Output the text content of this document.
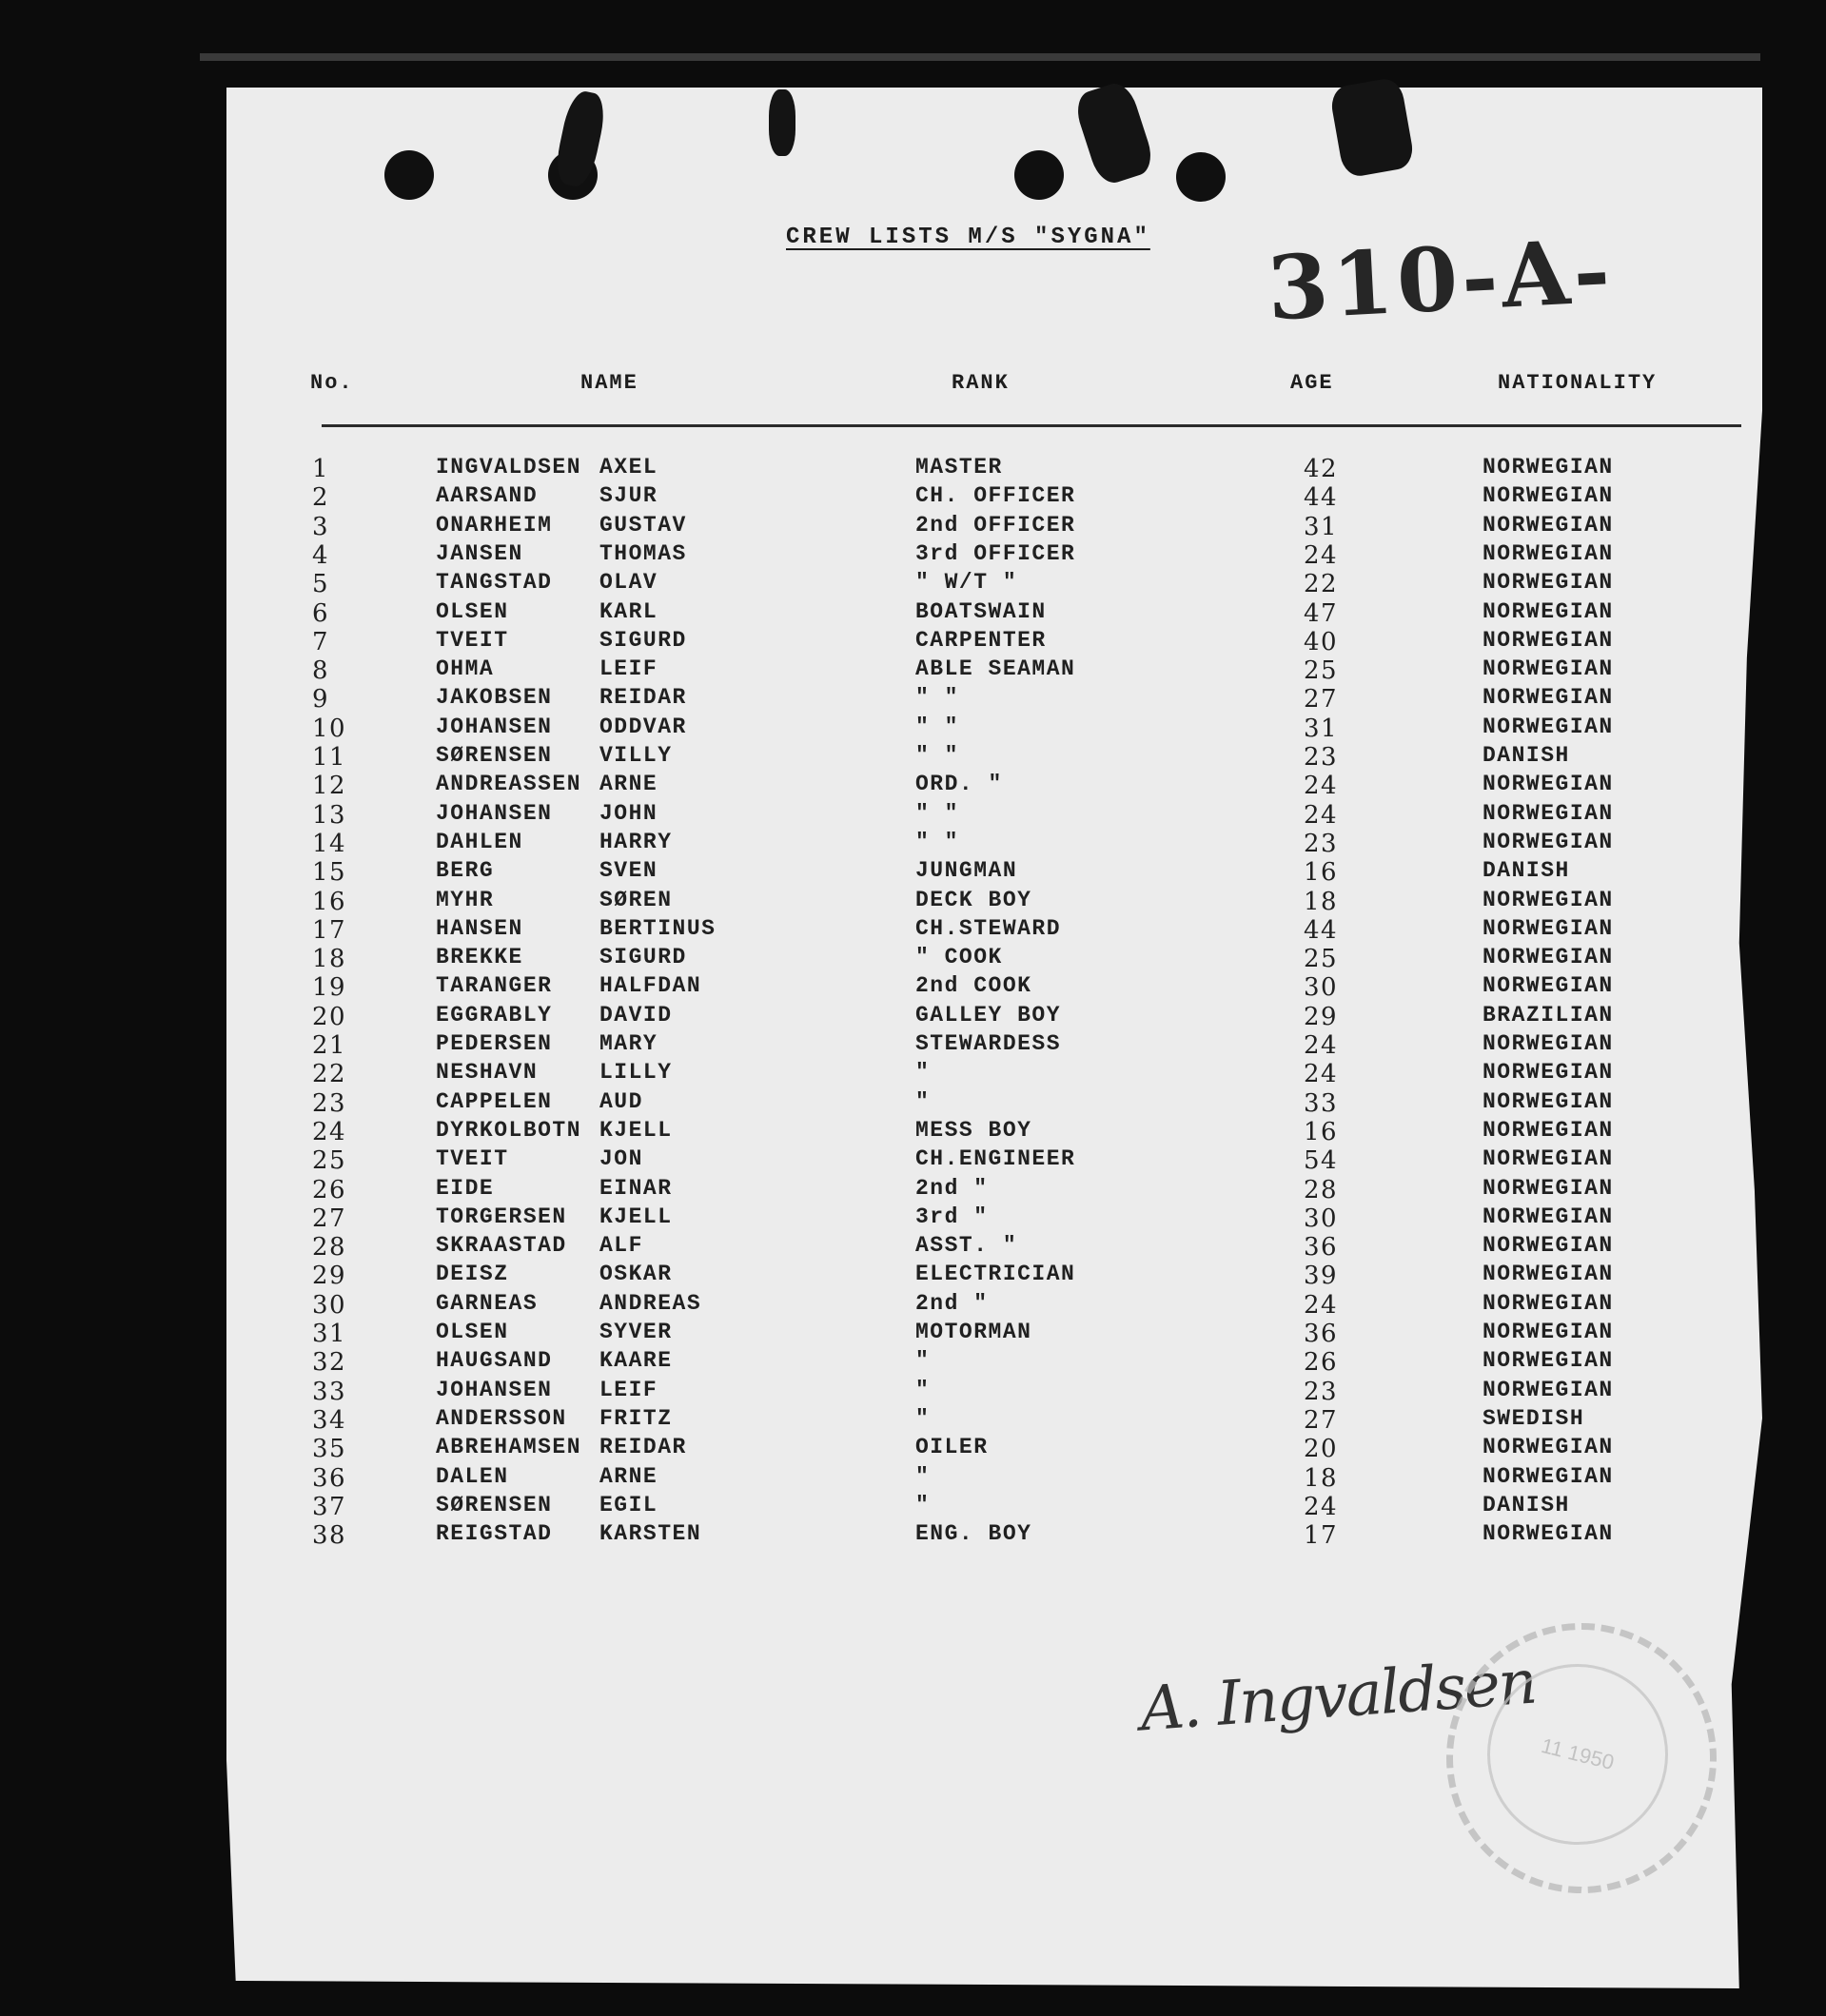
CREW LISTS M/S "SYGNA" 310-A-
No.	NAME	RANK	AGE	NATIONALITY
1	INGVALDSEN AXEL	MASTER	42	NORWEGIAN
2	AARSAND	SJUR	CH. OFFICER	44	NORWEGIAN
3	ONARHEIM GUSTAV	2nd OFFICER	31	NORWEGIAN
4	JANSEN	THOMAS	3rd OFFICER	24	NORWEGIAN
5	TANGSTAD OLAV	" W/T "	22	NORWEGIAN
6	OLSEN	KARL	BOATSWAIN	47	NORWEGIAN
7	TVEIT	SIGURD	CARPENTER	40	NORWEGIAN
8	OHMA	LEIF	ABLE SEAMAN	25	NORWEGIAN
9	JAKOBSEN REIDAR	" "	27	NORWEGIAN
10	JOHANSEN ODDVAR	" "	31	NORWEGIAN
11	SØRENSEN VILLY	" "	23	DANISH
12	ANDREASSEN ARNE	ORD. "	24	NORWEGIAN
13	JOHANSEN JOHN	" "	24	NORWEGIAN
14	DAHLEN	HARRY	" "	23	NORWEGIAN
15	BERG	SVEN	JUNGMAN	16	DANISH
16	MYHR	SØREN	DECK BOY	18	NORWEGIAN
17	HANSEN	BERTINUS	CH.STEWARD	44	NORWEGIAN
18	BREKKE	SIGURD	" COOK	25	NORWEGIAN
19	TARANGER HALFDAN	2nd COOK	30	NORWEGIAN
20	EGGRABLY DAVID	GALLEY BOY	29	BRAZILIAN
21	PEDERSEN MARY	STEWARDESS	24	NORWEGIAN
22	NESHAVN	LILLY	"	24	NORWEGIAN
23	CAPPELEN AUD	"	33	NORWEGIAN
24	DYRKOLBOTN KJELL	MESS BOY	16	NORWEGIAN
25	TVEIT	JON	CH.ENGINEER	54	NORWEGIAN
26	EIDE	EINAR	2nd "	28	NORWEGIAN
27	TORGERSEN KJELL	3rd "	30	NORWEGIAN
28	SKRAASTAD ALF	ASST. "	36	NORWEGIAN
29	DEISZ	OSKAR	ELECTRICIAN	39	NORWEGIAN
30	GARNEAS	ANDREAS	2nd "	24	NORWEGIAN
31	OLSEN	SYVER	MOTORMAN	36	NORWEGIAN
32	HAUGSAND KAARE	"	26	NORWEGIAN
33	JOHANSEN LEIF	"	23	NORWEGIAN
34	ANDERSSON FRITZ	"	27	SWEDISH
35	ABREHAMSEN REIDAR	OILER	20	NORWEGIAN
36	DALEN	ARNE	"	18	NORWEGIAN
37	SØRENSEN EGIL	"	24	DANISH
38	REIGSTAD KARSTEN	ENG. BOY	17	NORWEGIAN
A. Ingvaldsen
11 1950
